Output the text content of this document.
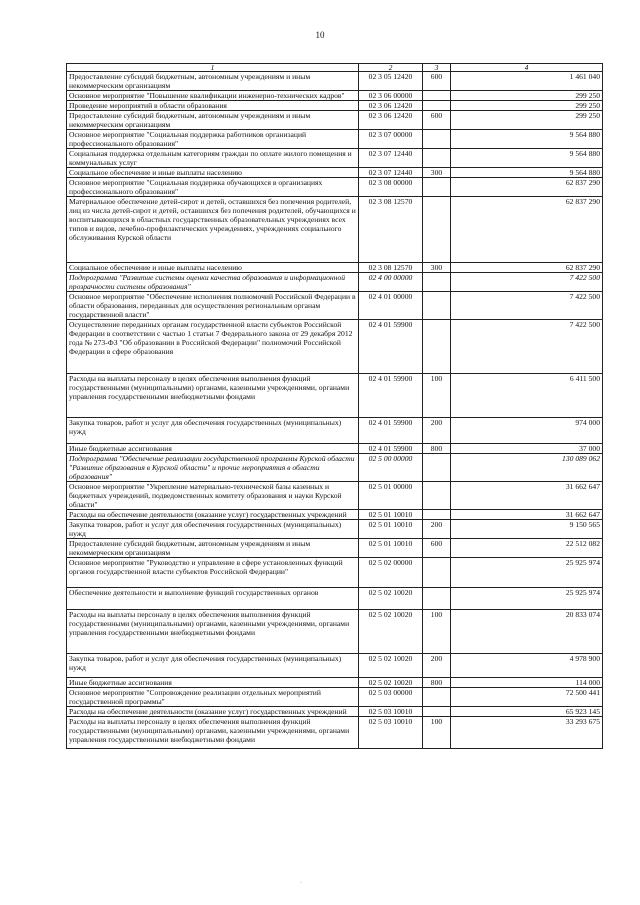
10
1	2	3	4
Предоставление субсидий бюджетным, автономным учреждениям и иным некоммерческим организациям	02 3 05 12420	600	1 461 040
Основное мероприятие "Повышение квалификации инженерно-технических кадров"	02 3 06 00000		299 250
Проведение мероприятий в области образования	02 3 06 12420		299 250
Предоставление субсидий бюджетным, автономным учреждениям и иным некоммерческим организациям	02 3 06 12420	600	299 250
Основное мероприятие "Социальная поддержка работников организаций профессионального образования"	02 3 07 00000		9 564 880
Социальная поддержка отдельным категориям граждан по оплате жилого помещения и коммунальных услуг	02 3 07 12440		9 564 880
Социальное обеспечение и иные выплаты населению	02 3 07 12440	300	9 564 880
Основное мероприятие "Социальная поддержка обучающихся в организациях профессионального образования"	02 3 08 00000		62 837 290
Материальное обеспечение детей-сирот и детей, оставшихся без попечения родителей, лиц из числа детей-сирот и детей, оставшихся без попечения родителей, обучающихся и воспитывающихся в областных государственных образовательных учреждениях всех типов и видов, лечебно-профилактических учреждениях, учреждениях социального обслуживания Курской области	02 3 08 12570		62 837 290
Социальное обеспечение и иные выплаты населению	02 3 08 12570	300	62 837 290
Подпрограмма "Развитие системы оценки качества образования и информационной прозрачности системы образования"	02 4 00 00000		7 422 500
Основное мероприятие "Обеспечение исполнения полномочий Российской Федерации в области образования, переданных для осуществления региональным органам государственной власти"	02 4 01 00000		7 422 500
Осуществление переданных органам государственной власти субъектов Российской Федерации в соответствии с частью 1 статьи 7 Федерального закона от 29 декабря 2012 года № 273-ФЗ "Об образовании в Российской Федерации" полномочий Российской Федерации в сфере образования	02 4 01 59900		7 422 500
Расходы на выплаты персоналу в целях обеспечения выполнения функций государственными (муниципальными) органами, казенными учреждениями, органами управления государственными внебюджетными фондами	02 4 01 59900	100	6 411 500
Закупка товаров, работ и услуг для обеспечения государственных (муниципальных) нужд	02 4 01 59900	200	974 000
Иные бюджетные ассигнования	02 4 01 59900	800	37 000
Подпрограмма "Обеспечение реализации государственной программы Курской области "Развитие образования в Курской области" и прочие мероприятия в области образования"	02 5 00 00000		130 089 062
Основное мероприятие "Укрепление материально-технической базы казенных и бюджетных учреждений, подведомственных комитету образования и науки Курской области"	02 5 01 00000		31 662 647
Расходы на обеспечение деятельности (оказание услуг) государственных учреждений	02 5 01 10010		31 662 647
Закупка товаров, работ и услуг для обеспечения государственных (муниципальных) нужд	02 5 01 10010	200	9 150 565
Предоставление субсидий бюджетным, автономным учреждениям и иным некоммерческим организациям	02 5 01 10010	600	22 512 082
Основное мероприятие "Руководство и управление в сфере установленных функций органов государственной власти субъектов Российской Федерации"	02 5 02 00000		25 925 974
Обеспечение деятельности и выполнение функций государственных органов	02 5 02 10020		25 925 974
Расходы на выплаты персоналу в целях обеспечения выполнения функций государственными (муниципальными) органами, казенными учреждениями, органами управления государственными внебюджетными фондами	02 5 02 10020	100	20 833 074
Закупка товаров, работ и услуг для обеспечения государственных (муниципальных) нужд	02 5 02 10020	200	4 978 900
Иные бюджетные ассигнования	02 5 02 10020	800	114 000
Основное мероприятие "Сопровождение реализации отдельных мероприятий государственной программы"	02 5 03 00000		72 500 441
Расходы на обеспечение деятельности (оказание услуг) государственных учреждений	02 5 03 10010		65 923 145
Расходы на выплаты персоналу в целях обеспечения выполнения функций государственными (муниципальными) органами, казенными учреждениями, органами управления государственными внебюджетными фондами	02 5 03 10010	100	33 293 675
·
